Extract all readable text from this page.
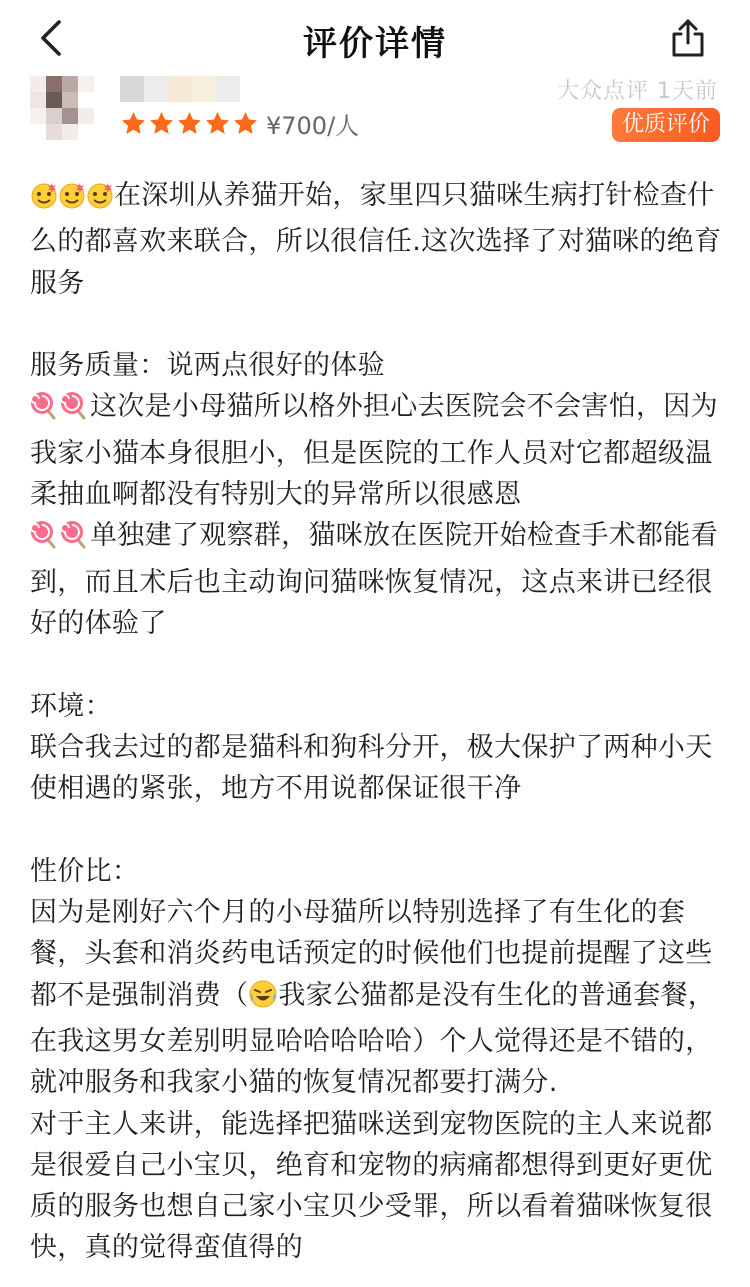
评价详情
大众点评 1天前
¥700/人	优质评价

在深圳从养猫开始，家里四只猫咪生病打针检查什么的都喜欢来联合，所以很信任.这次选择了对猫咪的绝育服务

服务质量：说两点很好的体验

这次是小母猫所以格外担心去医院会不会害怕，因为我家小猫本身很胆小，但是医院的工作人员对它都超级温柔抽血啊都没有特别大的异常所以很感恩

单独建了观察群，猫咪放在医院开始检查手术都能看到，而且术后也主动询问猫咪恢复情况，这点来讲已经很好的体验了

环境：

联合我去过的都是猫科和狗科分开，极大保护了两种小天使相遇的紧张，地方不用说都保证很干净

性价比：

因为是刚好六个月的小母猫所以特别选择了有生化的套餐，头套和消炎药电话预定的时候他们也提前提醒了这些都不是强制消费（ 我家公猫都是没有生化的普通套餐，在我这男女差别明显哈哈哈哈哈）个人觉得还是不错的，就冲服务和我家小猫的恢复情况都要打满分.

对于主人来讲，能选择把猫咪送到宠物医院的主人来说都是很爱自己小宝贝，绝育和宠物的病痛都想得到更好更优质的服务也想自己家小宝贝少受罪，所以看着猫咪恢复很快，真的觉得蛮值得的
